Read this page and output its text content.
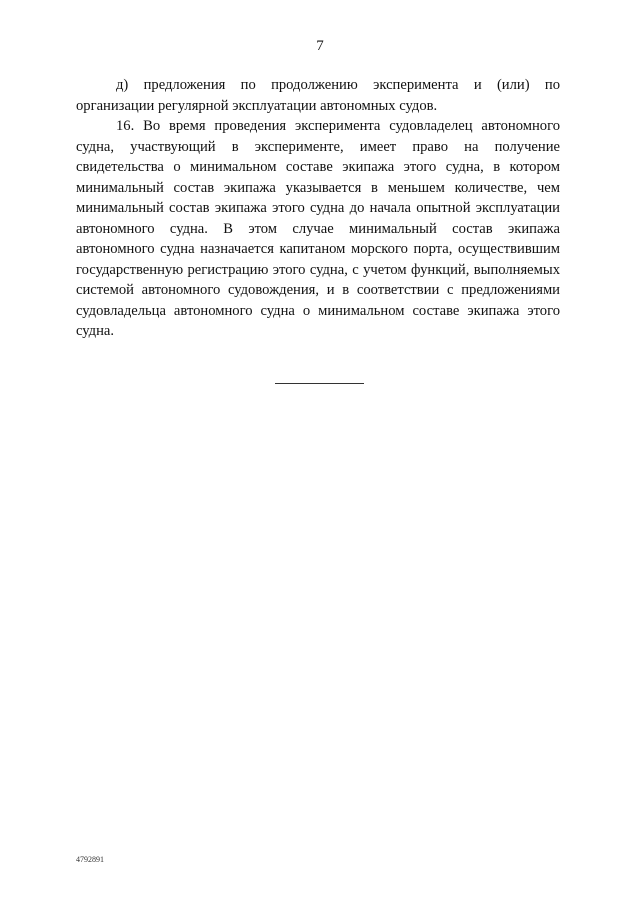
7

д) предложения по продолжению эксперимента и (или) по организации регулярной эксплуатации автономных судов.

16. Во время проведения эксперимента судовладелец автономного судна, участвующий в эксперименте, имеет право на получение свидетельства о минимальном составе экипажа этого судна, в котором минимальный состав экипажа указывается в меньшем количестве, чем минимальный состав экипажа этого судна до начала опытной эксплуатации автономного судна. В этом случае минимальный состав экипажа автономного судна назначается капитаном морского порта, осуществившим государственную регистрацию этого судна, с учетом функций, выполняемых системой автономного судовождения, и в соответствии с предложениями судовладельца автономного судна о минимальном составе экипажа этого судна.

4792891
